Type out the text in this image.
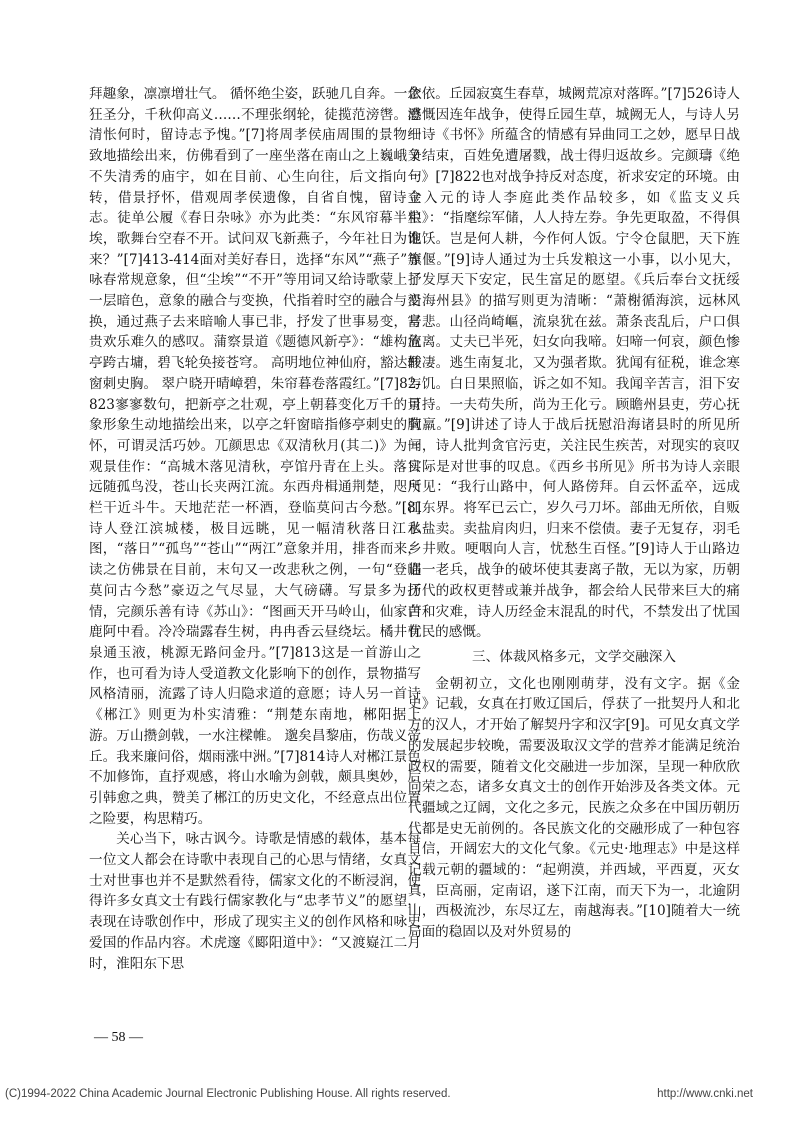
拜趣象，凛凛增壮气。 循怀绝尘姿，跃驰几自奔。一念狂圣分，千秋仰高义……不理张纲轮，徒揽范滂辔。澄清怅何时，留诗志予愧。”[7]将周孝侯庙周围的景物细致地描绘出来，仿佛看到了一座坐落在南山之上巍峨又不失清秀的庙宇，如在目前、心生向往，后文指向一转，借景抒怀，借观周孝侯遗像，自省自愧，留诗立志。徒单公履《春日杂咏》亦为此类：“东风帘幕半尘埃，歌舞台空春不开。试问双飞新燕子，今年社日为谁来？”[7]413-414面对美好春日，选择“东风”“燕子”等咏春常规意象，但“尘埃”“不开”等用词又给诗歌蒙上了一层暗色，意象的融合与变换，代指着时空的融合与变换，通过燕子去来暗喻人事已非，抒发了世事易变，富贵欢乐难久的感叹。蒲察景道《题德风新亭》：“雄构危亭跨古墉，碧飞轮奂接苍穹。 高明地位神仙府，豁达轩窗刺史胸。 翠户晓开晴嶂碧，朱帘暮卷落霞红。”[7]82-823寥寥数句，把新亭之壮观，亭上朝暮变化万千的景象形象生动地描绘出来，以亭之轩窗暗指修亭刺史的胸怀，可谓灵活巧妙。兀颜思忠《双清秋月(其二)》为一观景佳作：“高城木落见清秋，亭馆丹青在上头。落日远随孤鸟没，苍山长夹两江流。东西舟楫通荆楚，咫尺栏干近斗牛。天地茫茫一杯酒，登临莫问古今愁。”[8]诗人登江滨城楼，极目远眺，见一幅清秋落日江水图，“落日”“孤鸟”“苍山”“两江”意象并用，排沓而来，读之仿佛景在目前，末句又一改悲秋之例，一句“登临莫问古今愁”豪迈之气尽显，大气磅礴。写景多为抒情，完颜乐善有诗《苏山》：“图画天开马岭山，仙家白鹿阿中看。冷冷瑞露春生树，冉冉香云昼绕坛。橘井有泉通玉液，桃源无路问金丹。”[7]813这是一首游山之作，也可看为诗人受道教文化影响下的创作，景物描写风格清丽，流露了诗人归隐求道的意愿；诗人另一首诗《郴江》则更为朴实清雅：“荆楚东南地，郴阳据上游。万山攒剑戟，一水注樑帷。 邈矣昌黎庙，伤哉义帝丘。我来廉问俗，烟雨涨中洲。”[7]814诗人对郴江景色不加修饰，直抒观感，将山水喻为剑戟，颇具奥妙，后引韩愈之典，赞美了郴江的历史文化，不经意点出位置之险要，构思精巧。

关心当下，咏古讽今。诗歌是情感的载体，基本每一位文人都会在诗歌中表现自己的心思与情绪，女真文士对世事也并不是默然看待，儒家文化的不断浸润，使得许多女真文士有践行儒家教化与“忠孝节义”的愿望，表现在诗歌创作中，形成了现实主义的创作风格和咏史爱国的作品内容。术虎邃《郾阳道中》：“又渡嶷江二月时，淮阳东下思

依依。丘园寂寞生春草，城阙荒凉对落晖。”[7]526诗人感慨因连年战争，使得丘园生草，城阙无人，与诗人另一诗《书怀》所蕴含的情感有异曲同工之妙，愿早日战争结束，百姓免遭屠戮，战士得归返故乡。完颜璹《绝句》[7]822也对战争持反对态度，祈求安定的环境。由金入元的诗人李庭此类作品较多，如《监支义兵粮》：“指麾综军储，人人持左券。争先更取盈，不得俱饱饫。岂是何人耕，今作何人饭。宁令仓鼠肥，天下旌旗偃。”[9]诗人通过为士兵发粮这一小事，以小见大，抒发厚天下安定，民生富足的愿望。《兵后奉台文抚绥沿海州县》的描写则更为清晰：“萧榭循海滨，远林风号悲。山径尚崎嶇，流泉犹在兹。萧条丧乱后，户口俱流离。丈夫已半死，妇女向我啼。妇啼一何哀，颜色惨酸凄。逃生南复北，又为强者欺。犹闻有征税，谁念寒与饥。白日果照临，诉之如不知。我闻辛苦言，泪下安可持。一夫苟失所，尚为王化亏。顾瞻州县吏，劳心抚茕羸。”[9]讲述了诗人于战后抚慰沿海诸县时的所见所闻，诗人批判贪官污吏，关注民生疾苦，对现实的哀叹实际是对世事的叹息。《西乡书所见》所书为诗人亲眼所见：“我行山路中，何人路傍拜。自云怀孟卒，远成江东界。将军已云亡，岁久弓刀坏。部曲无所依，自贩私盐卖。卖盐肩肉归，归来不偿债。妻子无复存，羽毛乡井败。哽咽向人言，忧愁生百怪。”[9]诗人于山路边遇一老兵，战争的破坏使其妻离子散，无以为家，历朝历代的政权更替或兼并战争，都会给人民带来巨大的痛苦和灾难，诗人历经金末混乱的时代，不禁发出了忧国忧民的感慨。

三、体裁风格多元，文学交融深入

金朝初立，文化也刚刚萌芽，没有文字。据《金史》记载，女真在打败辽国后，俘获了一批契丹人和北方的汉人，才开始了解契丹字和汉字[9]。可见女真文学的发展起步较晚，需要汲取汉文学的营养才能满足统治政权的需要，随着文化交融进一步加深，呈现一种欣欣向荣之态，诸多女真文士的创作开始涉及各类文体。元代疆域之辽阔，文化之多元，民族之众多在中国历朝历代都是史无前例的。各民族文化的交融形成了一种包容自信，开阔宏大的文化气象。《元史·地理志》中是这样记载元朝的疆域的：“起朔漠，并西域，平西夏，灭女真，臣高丽，定南诏，遂下江南，而天下为一，北逾阴山，西极流沙，东尽辽左，南越海表。”[10]随着大一统局面的稳固以及对外贸易的

— 58 —
(C)1994-2022 China Academic Journal Electronic Publishing House. All rights reserved.	http://www.cnki.net
